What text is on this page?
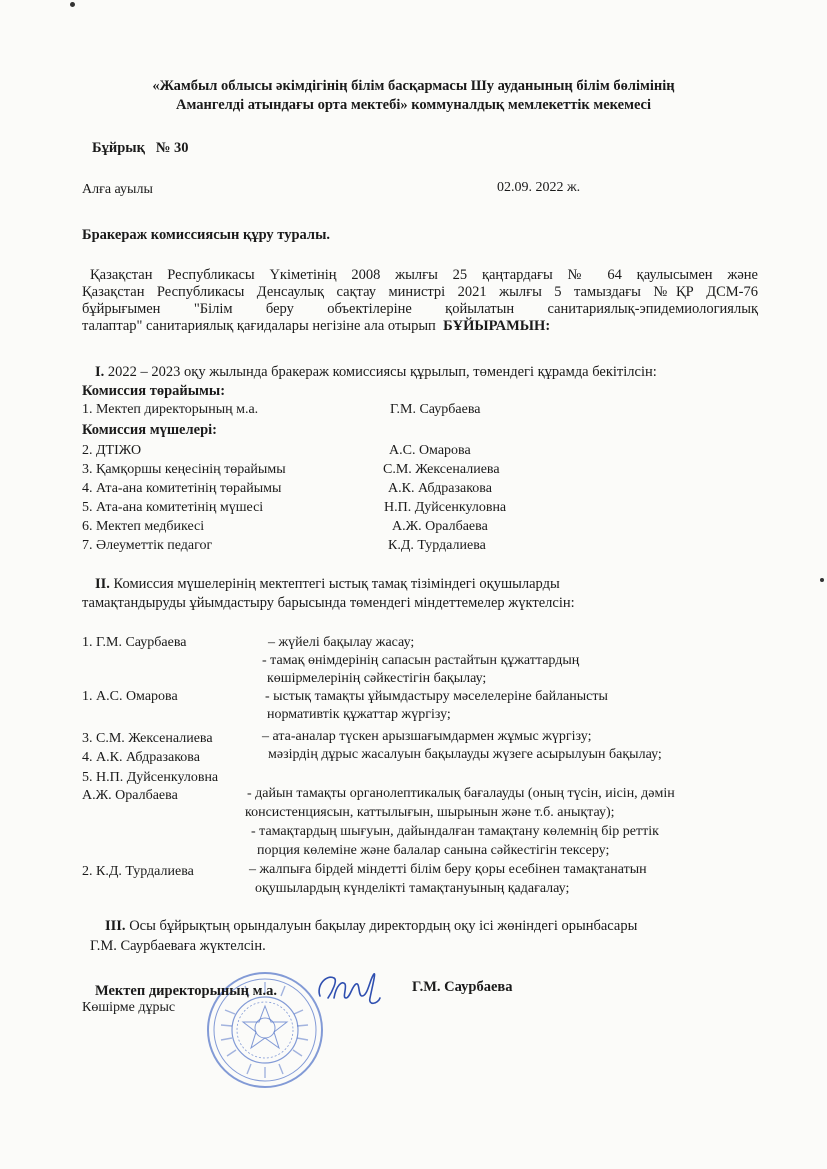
«Жамбыл облысы әкімдігінің білім басқармасы Шу ауданының білім бөлімінің
Амангелді атындағы орта мектебі» коммуналдық мемлекеттік мекемесі
Бұйрық № 30
Алға ауылы	02.09. 2022 ж.
Бракераж комиссиясын құру туралы.
Қазақстан Республикасы Үкіметінің 2008 жылғы 25 қаңтардағы № 64 қаулысымен және
Қазақстан Республикасы Денсаулық сақтау министрі 2021 жылғы 5 тамыздағы №ҚР ДСМ-76
бұйрығымен "Білім беру объектілеріне қойылатын санитариялық-эпидемиологиялық
талаптар" санитариялық қағидалары негізіне ала отырып БҰЙЫРАМЫН:
I. 2022 – 2023 оқу жылында бракераж комиссиясы құрылып, төмендегі құрамда бекітілсін:
Комиссия төрайымы:
1. Мектеп директорының м.а.	Г.М. Саурбаева
Комиссия мүшелері:
2. ДТІЖО	А.С. Омарова
3. Қамқоршы кеңесінің төрайымы	С.М. Жексеналиева
4. Ата-ана комитетінің төрайымы	А.К. Абдразакова
5. Ата-ана комитетінің мүшесі	Н.П. Дуйсенкуловна
6. Мектеп медбикесі	А.Ж. Оралбаева
7. Әлеуметтік педагог	К.Д. Турдалиева
II. Комиссия мүшелерінің мектептегі ыстық тамақ тізіміндегі оқушыларды
тамақтандыруды ұйымдастыру барысында төмендегі міндеттемелер жүктелсін:
1. Г.М. Саурбаева	– жүйелі бақылау жасау;
- тамақ өнімдерінің сапасын растайтын құжаттардың
көшірмелерінің сәйкестігін бақылау;
1. А.С. Омарова	- ыстық тамақты ұйымдастыру мәселелеріне байланысты
нормативтік құжаттар жүргізу;
3. С.М. Жексеналиева	– ата-аналар түскен арызшағымдармен жұмыс жүргізу;
4. А.К. Абдразакова	мәзірдің дұрыс жасалуын бақылауды жүзеге асырылуын бақылау;
5. Н.П. Дуйсенкуловна
А.Ж. Оралбаева	- дайын тамақты органолептикалық бағалауды (оның түсін, иісін, дәмін
консистенциясын, каттылығын, шырынын және т.б. анықтау);
- тамақтардың шығуын, дайындалған тамақтану көлемнің бір реттік
порция көлеміне және балалар санына сәйкестігін тексеру;
2. К.Д. Турдалиева	– жалпыға бірдей міндетті білім беру қоры есебінен тамақтанатын
оқушылардың күнделікті тамақтануының қадағалау;
III. Осы бұйрықтың орындалуын бақылау директордың оқу ісі жөніндегі орынбасары
Г.М. Саурбаеваға жүктелсін.
Мектеп директорының м.а.	Г.М. Саурбаева
Көшірме дұрыс
